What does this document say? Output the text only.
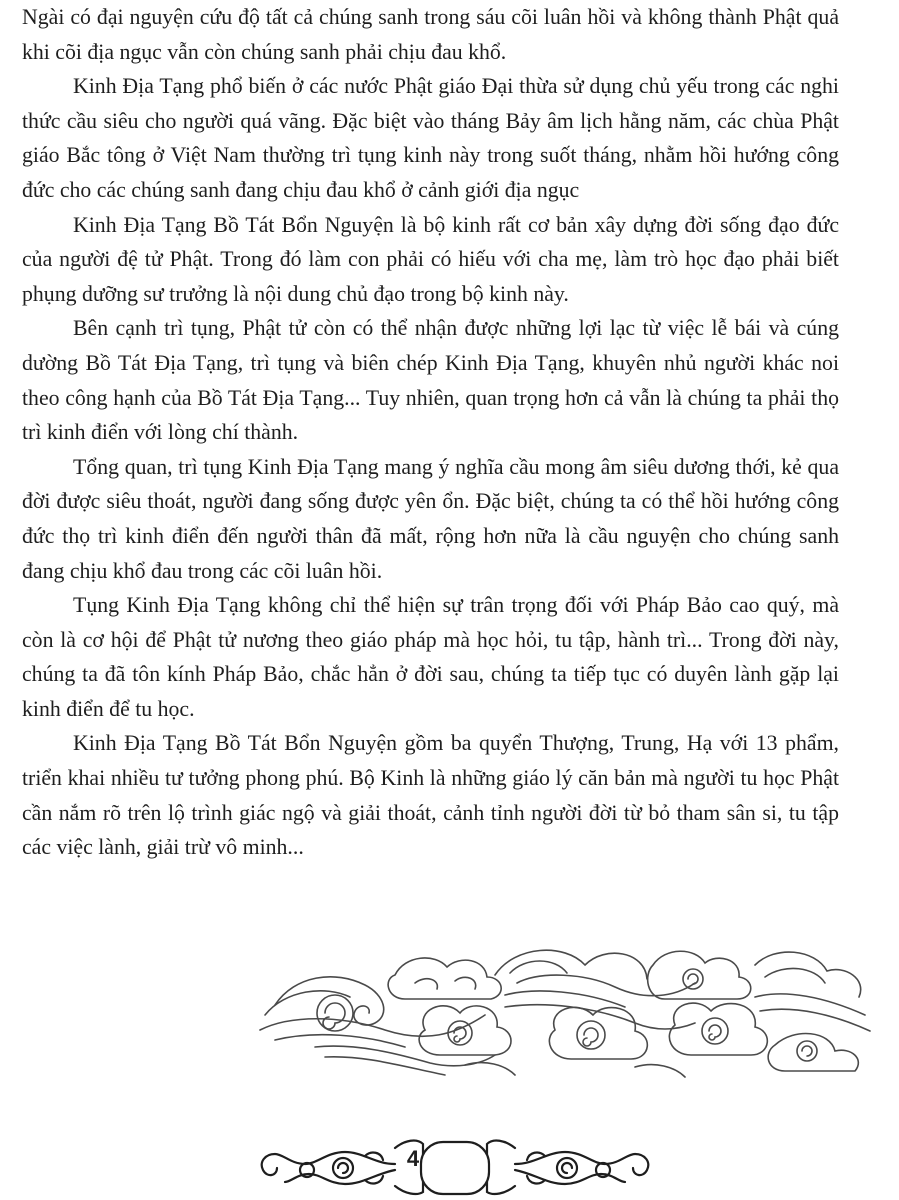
Ngài có đại nguyện cứu độ tất cả chúng sanh trong sáu cõi luân hồi và không thành Phật quả khi cõi địa ngục vẫn còn chúng sanh phải chịu đau khổ.

Kinh Địa Tạng phổ biến ở các nước Phật giáo Đại thừa sử dụng chủ yếu trong các nghi thức cầu siêu cho người quá vãng. Đặc biệt vào tháng Bảy âm lịch hằng năm, các chùa Phật giáo Bắc tông ở Việt Nam thường trì tụng kinh này trong suốt tháng, nhằm hồi hướng công đức cho các chúng sanh đang chịu đau khổ ở cảnh giới địa ngục

Kinh Địa Tạng Bồ Tát Bổn Nguyện là bộ kinh rất cơ bản xây dựng đời sống đạo đức của người đệ tử Phật. Trong đó làm con phải có hiếu với cha mẹ, làm trò học đạo phải biết phụng dưỡng sư trưởng là nội dung chủ đạo trong bộ kinh này.

Bên cạnh trì tụng, Phật tử còn có thể nhận được những lợi lạc từ việc lễ bái và cúng dường Bồ Tát Địa Tạng, trì tụng và biên chép Kinh Địa Tạng, khuyên nhủ người khác noi theo công hạnh của Bồ Tát Địa Tạng... Tuy nhiên, quan trọng hơn cả vẫn là chúng ta phải thọ trì kinh điển với lòng chí thành.

Tổng quan, trì tụng Kinh Địa Tạng mang ý nghĩa cầu mong âm siêu dương thới, kẻ qua đời được siêu thoát, người đang sống được yên ổn. Đặc biệt, chúng ta có thể hồi hướng công đức thọ trì kinh điển đến người thân đã mất, rộng hơn nữa là cầu nguyện cho chúng sanh đang chịu khổ đau trong các cõi luân hồi.

Tụng Kinh Địa Tạng không chỉ thể hiện sự trân trọng đối với Pháp Bảo cao quý, mà còn là cơ hội để Phật tử nương theo giáo pháp mà học hỏi, tu tập, hành trì... Trong đời này, chúng ta đã tôn kính Pháp Bảo, chắc hẳn ở đời sau, chúng ta tiếp tục có duyên lành gặp lại kinh điển để tu học.

Kinh Địa Tạng Bồ Tát Bổn Nguyện gồm ba quyển Thượng, Trung, Hạ với 13 phẩm, triển khai nhiều tư tưởng phong phú. Bộ Kinh là những giáo lý căn bản mà người tu học Phật cần nắm rõ trên lộ trình giác ngộ và giải thoát, cảnh tỉnh người đời từ bỏ tham sân si, tu tập các việc lành, giải trừ vô minh...

4
